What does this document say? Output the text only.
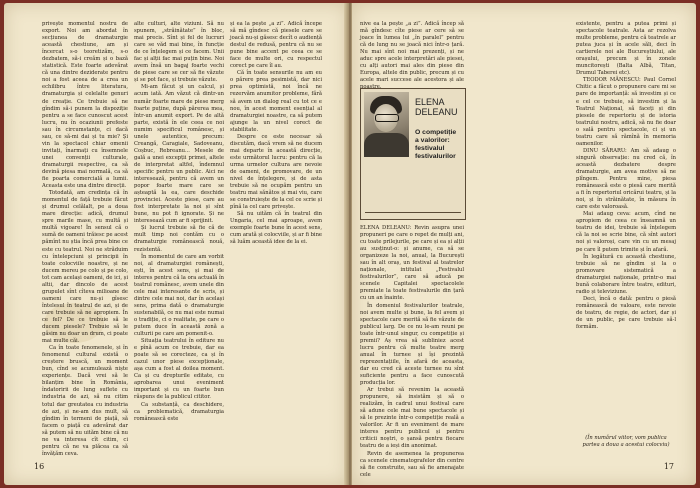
privește momentul nostru de export. Noi am abordat în secțiunea de dramaturgie această chestiune, am și încercat s-o teoretizăm, s-o dezbatem, să-i creăm și o bază statistică. Este foarte adevărat că una dintre deziderate pentru noi a fost aceea de a crea un echilibru între literatura, dramaturgia și celelalte genuri de creație. Ce trebuie să ne gîndim să-i punem la dispoziție pentru a se face cunoscut acest lucru, nu în ocaziunii prefeste sau în circumstanțe, ci dacă sau, ce să-mi dai și tu mie? Și vin la spectacol chiar omenii invitați, înarmați cu însemnele unei convenții culturale, dramaturgii respective, ca să devină piesa mai normală, ca să fie poarta comercială a lumii. Aceasta este una dintre direcții.

Totodată, am credința că în momentul de față trebuie făcut și drumul celălalt, pe a doua mare direcție: adică, drumul spre marile mase, cu multă și multă vigoare! În sensul că o sumă de oameni trăiesc pe acest pămînt nu știa încă prea bine ce este cu teatrul. Noi ne străduim cu întelepciuni și principii în toate colocviile noastre, și ne ducem mereu pe colo și pe colo, tot cam același oameni, de ici, și altii, dar dincolo de acest grupulet sînt cîteva milioane de oameni care nu-și gîsesc întelesul în teatrul de azi, și de care trebuie să ne apropiem. În ce fel? De ce trebuie să le ducem piesele? Trebuie să le găsim nu doar un drum, ci poate mai multe căi.

Ca în toate fenomenele, și în fenomenul cultural există o creștere bruscă, un moment bun, cînd se acumulează niște experiențe. Dacă vrei să le bilanțim bine în România, îndatoririi de lung suflete cu industria de azi, să nu citim totul dar greutatea cu industria de azi, și ne-am dus mult, să gîndim în termeni de piață, să facem o piață cu adevărat dar să putem să nu uităm bine că nu ne va interesa cît citim, ci pentru că ne va plăcea ca să învățăm ceva.

alte culturi, alte viziuni. Să nu spunem, „străinătate” în bloc, mai precis. Sînt și fel de lucruri care se văd mai bine, în funcție de ce înțelegem și ce facem. Unii fac și alții fac mai puțin bine. Noi avem însă un bagaj foarte vechi de piese care se cer să fie văzute și se pot face, și trebuie văzute.

Mi-am făcut și un calcul, și acum iată. Am văzut că dintr-un număr foarte mare de piese merg foarte puține, după părerea mea, într-un anumit export. Pe de altă parte, există în ele ceea ce noi numim specificul românesc, și unele autentice, precum: Creangă, Caragiale, Sadoveanu, Coșbuc, Rebreanu... Mesele de gală a unei excepții primei, altele de interpretat altfel, îndemnul specific pentru un public. Aici ne interesează, pentru că avem un popor foarte mare care se așteaptă la ea, care deschide provinciei. Aceste piese, care au fost interpretate la noi și sînt bune, nu pot fi ignorate. Și ne interesează cum ar fi sprijinit.

Și lucrul trebuie să fie că de mult timp noi contăm cu o dramaturgie românească nouă, rezistentă.

În momentul de care am vorbit noi, al dramaturgiei românești, ești, în acest sens, și mai de interes pentru că la ora actuală în teatrul românesc, avem unele din cele mai interesante de scris, și dintre cele mai noi, dar în același sens, prima dată o dramaturgie sustenabilă, ce nu mai este numai o tradiție, ci o realitate, pe care o putem duce în această zonă a culturii pe care am pomenit-o.

Situația teatrului în editure nu e pînă acum ce trebuie, dar ea poate să se corecteze, ca și în cazul unor piese excepționale, așa cum a fost al doilea moment. Ca și cu drepturile editate, cu aprobarea unui eveniment important și cu un foarte bun răspuns de la publicul cititor.

Ca substanță, ca deschidere, ca problematică, dramaturgia românească este

și ea la pește „a zi”. Adică începe să mă gîndesc că piesele care se joacă nu-și găsesc decît o audiență destul de redusă, pentru că nu se pune bine accent pe ceea ce se face de multe ori, cu respectul corect pe care îl au.

Că în toate sensurile nu am eu o părere prea pesimistă, dar nici prea optimistă, noi încă ne rezervăm anumitor probleme, fără să avem un dialog real cu tot ce e nou, în acest moment esențial al dramaturgiei noastre, ca să putem ajunge la un nivel corect de stabilitate.

Despre ce este necesar să discutăm, dacă vrem să ne ducem mai departe în această direcție, este următorul lucru: pentru că la urma urmelor cultura are nevoie de oameni, de promovare, de un nivel de înțelegere, și de asta trebuie să ne ocupăm pentru un teatru mai sănătos și mai viu, care se construiește de la cel ce scrie și pînă la cel care privește.

Să nu uităm că în teatrul din Ungaria, cel mai aproape, avem exemple foarte bune în acest sens, cum arată și colocviile, și ar fi bine să luăm această idee de la ei.

16

nive ea la pește „a zi”. Adică încep să mă gîndesc cîte piese ar cere să se joace în lumea lui „în paralel” pentru că de lung nu se joacă nici într-o țară. Nu mai sînt noi mai prezenți, și ne aduc spre acele interpretări ale piesei, cu alți autori mai ales din piese din Europa, altele din public, precum și cu acele mari succese ale acestora și ale

ELENA
DELEANU
O competiție
a valorilor:
festivalul
festivalurilor

ELENA DELEANU: Revin asupra unei propuneri pe care o repet de mulți ani, cu toate prilejurile, pe care și ea și alții au susținut-o: și anume, ca să se organizeze la noi, anual, la București sau în alt oraș, un festival al teatrelor naționale, intitulat „Festivalul festivalurilor”, care să aducă pe scenele Capitalei spectacolele premiate la toate festivalurile din țară cu un an înainte.

În domeniul festivalurilor teatrale, noi avem multe și bune, la fel avem și spectacole care merită să fie văzute de publicul larg. De ce nu le-am reuni pe toate într-unul singur, cu competiție și premii? Aș vrea să subliniez acest lucru pentru că multe teatre merg anual în turnee și își prezintă reprezentațiile, în afară de aceasta, dar eu cred că aceste turnee nu sînt suficiente pentru a face cunoscută producția lor.

Ar trebui să revenim la această propunere, să insistăm și să o realizăm, în cadrul unui festival care să adune cele mai bune spectacole și să le prezinte într-o competiție reală a valorilor. Ar fi un eveniment de mare interes pentru publicul și pentru criticii noștri, o șansă pentru fiecare teatru de a ieși din anonimat.

Revin de asemenea la propunerea ca scenele cinematografelor din centre să fie construite, sau să fie amenajate cele

existente, pentru a putea primi și spectacole teatrale. Asta ar rezolva multe probleme, pentru că teatrele ar putea juca și în acele săli, deci în cartierele noi ale Bucureștiului, ale orașului, precum și în zonele muncitorești (Balta Albă, Titan, Drumul Taberei etc).

TEODOR MĂNESCU: Paul Cornel Chitic a făcut o propunere care mi se pare de importanță: să investim și ce e cel ce trebuie, să investim și la Teatrul Național, să faceți și din piesele de repertoriu și de istoria teatrului nostru, adică, să nu fie doar o sală pentru spectacole, ci și un teatru care să rămînă în memoria oamenilor.

DINU SĂRARU: Am să adaug o singură observație: nu cred că, în această dezbatere despre dramaturgie, am avea motive să ne plîngem. Pentru mine, piesa românească este o piesă care merită a fi în repertoriul oricărui teatru, și la noi, și în străinătate, în măsura în care este valoroasă.

Mai adaug ceva: acum, cînd ne apropiem de ceea ce înseamnă un teatru de idei, trebuie să înțelegem că la noi se scrie bine, că sînt autori noi și valoroși, care vin cu un mesaj pe care îl putem trimite și în afară.

În legătură cu această chestiune, trebuie să ne gîndim și la o promovare sistematică a dramaturgiei naționale, printr-o mai bună colaborare între teatre, edituri, radio și televiziune.

Deci, încă o dată: pentru o piesă românească de valoare, este nevoie de teatru, de regie, de actori, dar și de un public, pe care trebuie să-l formăm.

(În numărul viitor, vom publica partea a doua a acestui colocviu)
17
